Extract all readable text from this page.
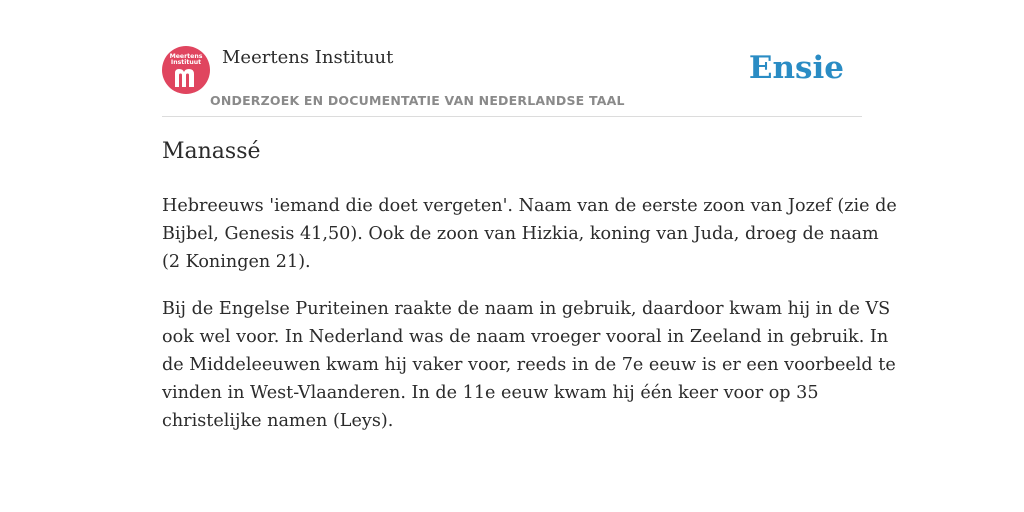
Meertens
Instituut	Meertens Instituut
ONDERZOEK EN DOCUMENTATIE VAN NEDERLANDSE TAAL
Ensie
Manassé

Hebreeuws 'iemand die doet vergeten'. Naam van de eerste zoon van Jozef (zie de
Bijbel, Genesis 41,50). Ook de zoon van Hizkia, koning van Juda, droeg de naam
(2 Koningen 21).

Bij de Engelse Puriteinen raakte de naam in gebruik, daardoor kwam hij in de VS
ook wel voor. In Nederland was de naam vroeger vooral in Zeeland in gebruik. In
de Middeleeuwen kwam hij vaker voor, reeds in de 7e eeuw is er een voorbeeld te
vinden in West-Vlaanderen. In de 11e eeuw kwam hij één keer voor op 35
christelijke namen (Leys).
